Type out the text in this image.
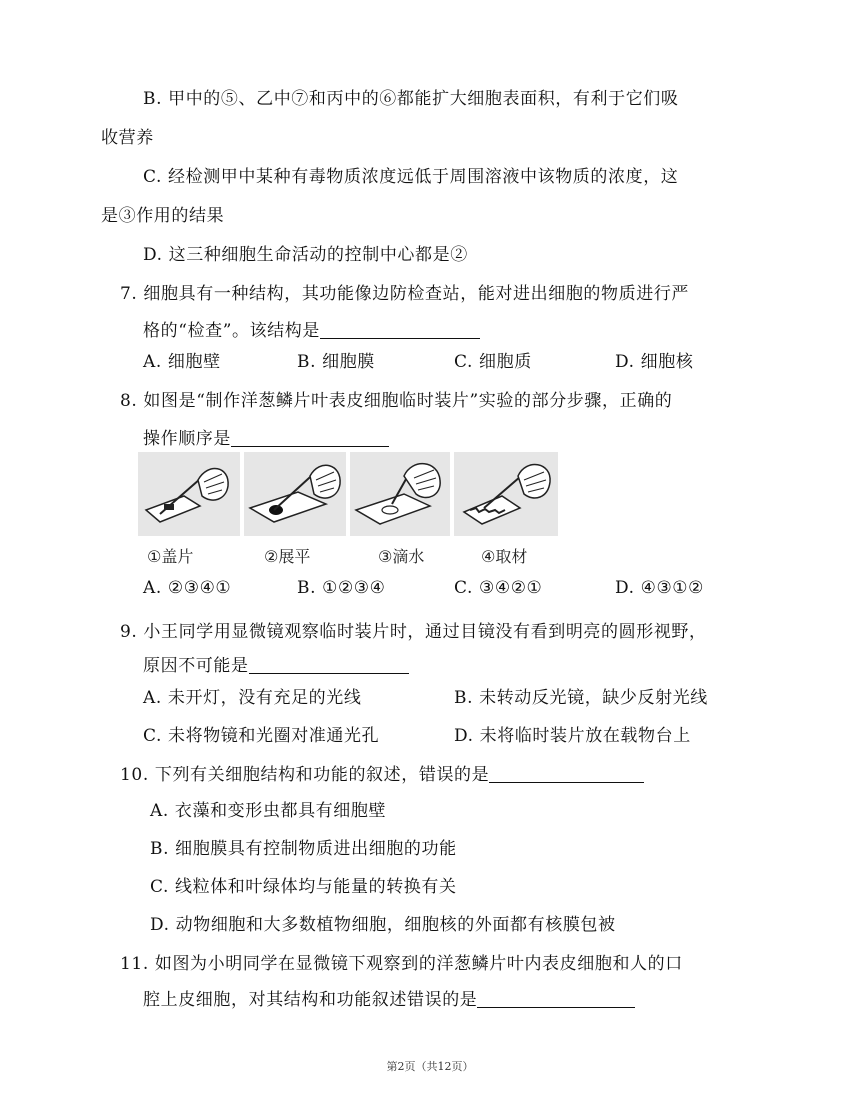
B. 甲中的⑤、乙中⑦和丙中的⑥都能扩大细胞表面积，有利于它们吸
收营养
C. 经检测甲中某种有毒物质浓度远低于周围溶液中该物质的浓度，这
是③作用的结果
D. 这三种细胞生命活动的控制中心都是②
7. 细胞具有一种结构，其功能像边防检查站，能对进出细胞的物质进行严
格的“检查”。该结构是
A. 细胞壁	B. 细胞膜	C. 细胞质	D. 细胞核
8. 如图是“制作洋葱鳞片叶表皮细胞临时装片”实验的部分步骤，正确的
操作顺序是
①盖片	②展平	③滴水	④取材
A. ②③④①	B. ①②③④	C. ③④②①	D. ④③①②
9. 小王同学用显微镜观察临时装片时，通过目镜没有看到明亮的圆形视野，
原因不可能是
A. 未开灯，没有充足的光线	B. 未转动反光镜，缺少反射光线
C. 未将物镜和光圈对准通光孔	D. 未将临时装片放在载物台上
10. 下列有关细胞结构和功能的叙述，错误的是
A. 衣藻和变形虫都具有细胞壁
B. 细胞膜具有控制物质进出细胞的功能
C. 线粒体和叶绿体均与能量的转换有关
D. 动物细胞和大多数植物细胞，细胞核的外面都有核膜包被
11. 如图为小明同学在显微镜下观察到的洋葱鳞片叶内表皮细胞和人的口
腔上皮细胞，对其结构和功能叙述错误的是
第2页（共12页）
